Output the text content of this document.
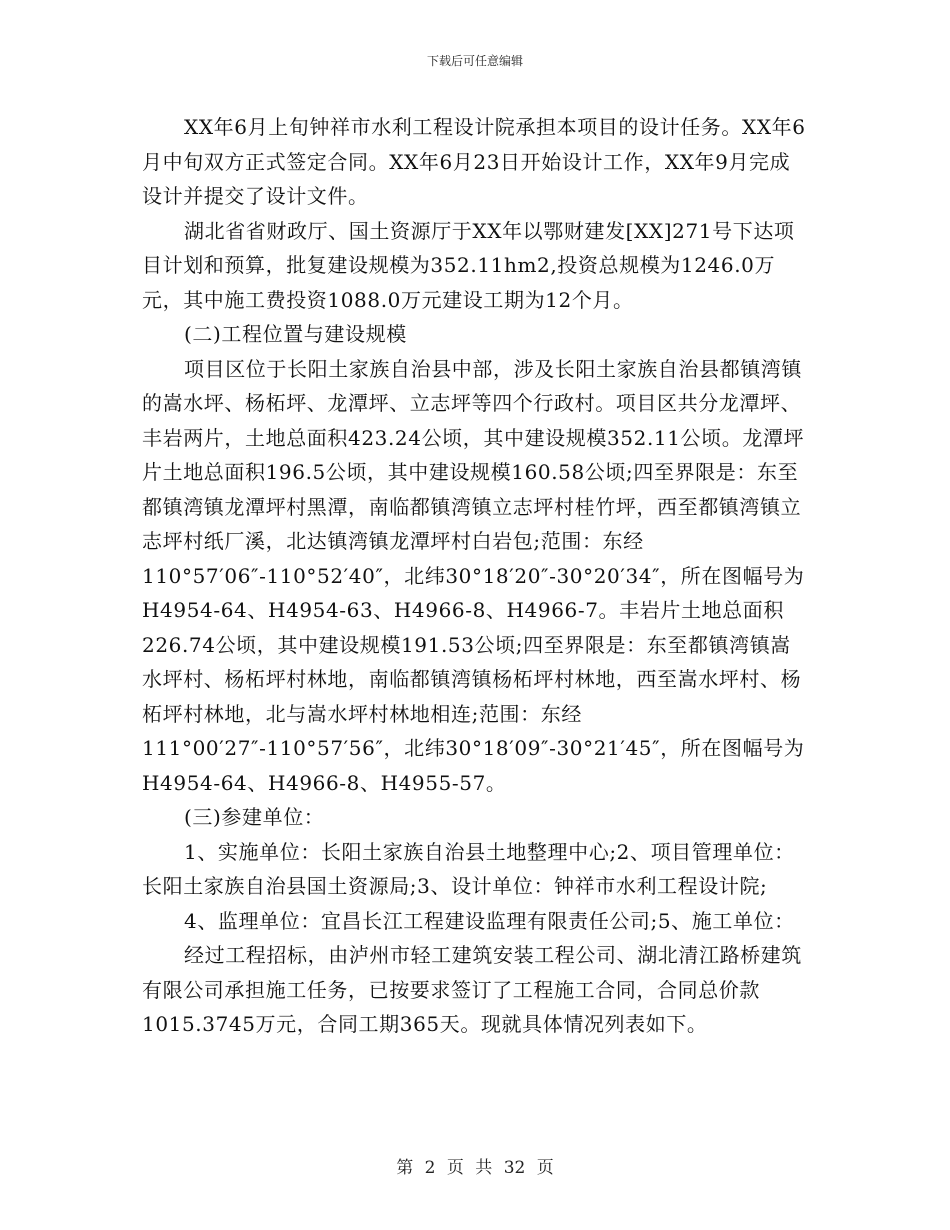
下载后可任意编辑

XX年6月上旬钟祥市水利工程设计院承担本项目的设计任务。XX年6月中旬双方正式签定合同。XX年6月23日开始设计工作，XX年9月完成设计并提交了设计文件。

湖北省省财政厅、国土资源厅于XX年以鄂财建发[XX]271号下达项目计划和预算，批复建设规模为352.11hm2,投资总规模为1246.0万元，其中施工费投资1088.0万元建设工期为12个月。

(二)工程位置与建设规模

项目区位于长阳土家族自治县中部，涉及长阳土家族自治县都镇湾镇的嵩水坪、杨柘坪、龙潭坪、立志坪等四个行政村。项目区共分龙潭坪、丰岩两片，土地总面积423.24公顷，其中建设规模352.11公顷。龙潭坪片土地总面积196.5公顷，其中建设规模160.58公顷;四至界限是：东至都镇湾镇龙潭坪村黑潭，南临都镇湾镇立志坪村桂竹坪，西至都镇湾镇立志坪村纸厂溪，北达镇湾镇龙潭坪村白岩包;范围：东经110°57′06″-110°52′40″，北纬30°18′20″-30°20′34″，所在图幅号为H4954-64、H4954-63、H4966-8、H4966-7。丰岩片土地总面积226.74公顷，其中建设规模191.53公顷;四至界限是：东至都镇湾镇嵩水坪村、杨柘坪村林地，南临都镇湾镇杨柘坪村林地，西至嵩水坪村、杨柘坪村林地，北与嵩水坪村林地相连;范围：东经111°00′27″-110°57′56″，北纬30°18′09″-30°21′45″，所在图幅号为H4954-64、H4966-8、H4955-57。

(三)参建单位：

1、实施单位：长阳土家族自治县土地整理中心;2、项目管理单位：长阳土家族自治县国土资源局;3、设计单位：钟祥市水利工程设计院;

4、监理单位：宜昌长江工程建设监理有限责任公司;5、施工单位：

经过工程招标，由泸州市轻工建筑安装工程公司、湖北清江路桥建筑有限公司承担施工任务，已按要求签订了工程施工合同，合同总价款1015.3745万元，合同工期365天。现就具体情况列表如下。

第 2 页 共 32 页
